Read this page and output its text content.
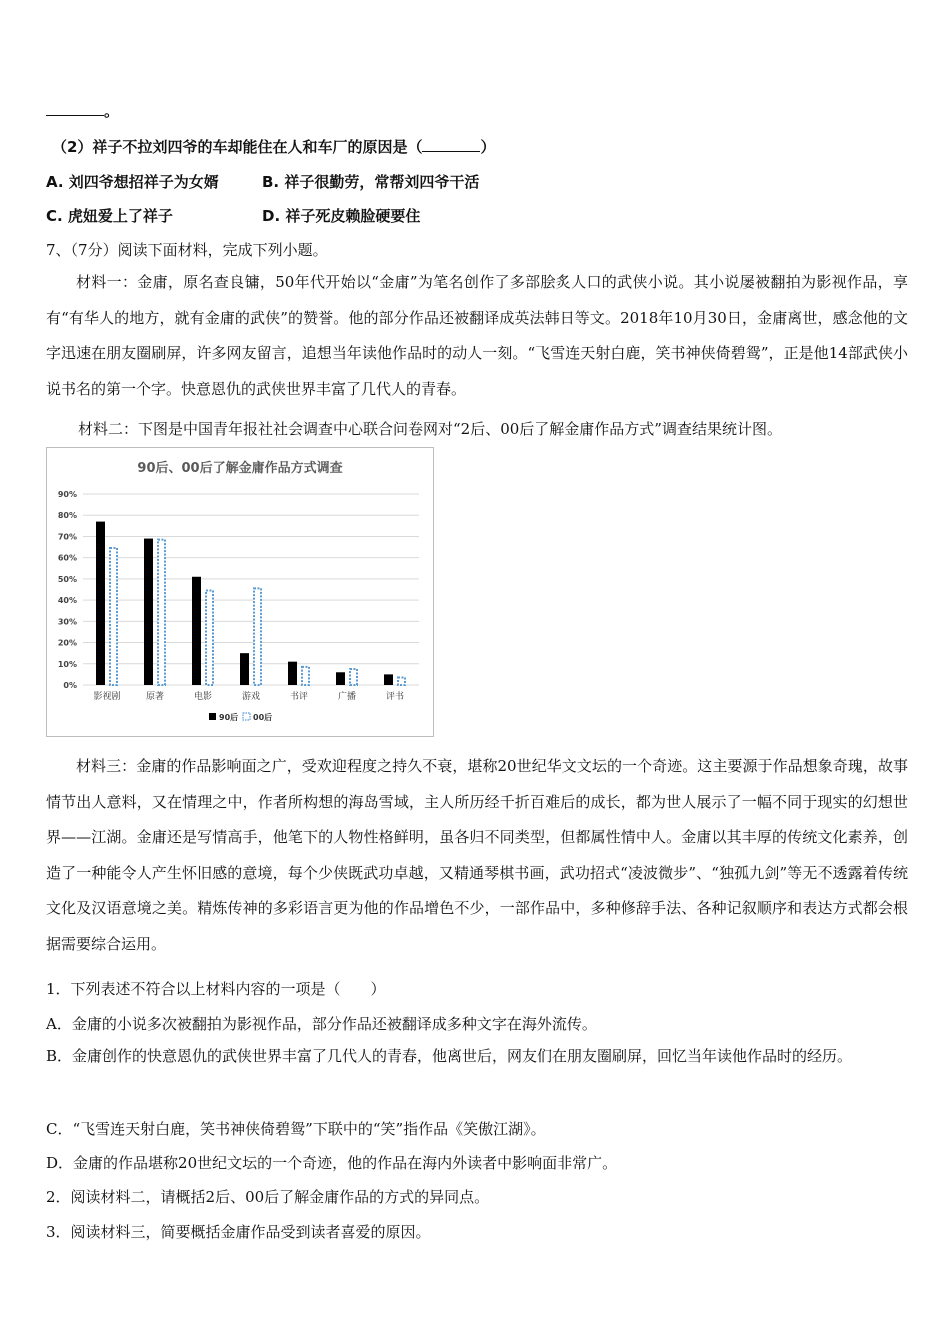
。
（2）祥子不拉刘四爷的车却能住在人和车厂的原因是（	）
A. 刘四爷想招祥子为女婿	B. 祥子很勤劳，常帮刘四爷干活
C. 虎妞爱上了祥子	D. 祥子死皮赖脸硬要住
7、（7分）阅读下面材料，完成下列小题。
材料一：金庸，原名查良镛，50年代开始以“金庸”为笔名创作了多部脍炙人口的武侠小说。其小说屡被翻拍为影视作品，享有“有华人的地方，就有金庸的武侠”的赞誉。他的部分作品还被翻译成英法韩日等文。2018年10月30日，金庸离世，感念他的文字迅速在朋友圈刷屏，许多网友留言，追想当年读他作品时的动人一刻。“飞雪连天射白鹿，笑书神侠倚碧鸳”，正是他14部武侠小说书名的第一个字。快意恩仇的武侠世界丰富了几代人的青春。
材料二：下图是中国青年报社社会调查中心联合问卷网对“2后、00后了解金庸作品方式”调查结果统计图。
90后、00后了解金庸作品方式调查
0%
10%
20%
30%
40%
50%
60%
70%
80%
90%
影视剧	原著	电影	游戏	书评	广播	评书
90后 00后
材料三：金庸的作品影响面之广，受欢迎程度之持久不衰，堪称20世纪华文文坛的一个奇迹。这主要源于作品想象奇瑰，故事情节出人意料，又在情理之中，作者所构想的海岛雪域，主人所历经千折百难后的成长，都为世人展示了一幅不同于现实的幻想世界——江湖。金庸还是写情高手，他笔下的人物性格鲜明，虽各归不同类型，但都属性情中人。金庸以其丰厚的传统文化素养，创造了一种能令人产生怀旧感的意境，每个少侠既武功卓越，又精通琴棋书画，武功招式“凌波微步”、“独孤九剑”等无不透露着传统文化及汉语意境之美。精炼传神的多彩语言更为他的作品增色不少，一部作品中，多种修辞手法、各种记叙顺序和表达方式都会根据需要综合运用。
1．下列表述不符合以上材料内容的一项是（　　）
A．金庸的小说多次被翻拍为影视作品，部分作品还被翻译成多种文字在海外流传。
B．金庸创作的快意恩仇的武侠世界丰富了几代人的青春，他离世后，网友们在朋友圈刷屏，回忆当年读他作品时的经历。
C．“飞雪连天射白鹿，笑书神侠倚碧鸳”下联中的“笑”指作品《笑傲江湖》。
D．金庸的作品堪称20世纪文坛的一个奇迹，他的作品在海内外读者中影响面非常广。
2．阅读材料二，请概括2后、00后了解金庸作品的方式的异同点。
3．阅读材料三，简要概括金庸作品受到读者喜爱的原因。
